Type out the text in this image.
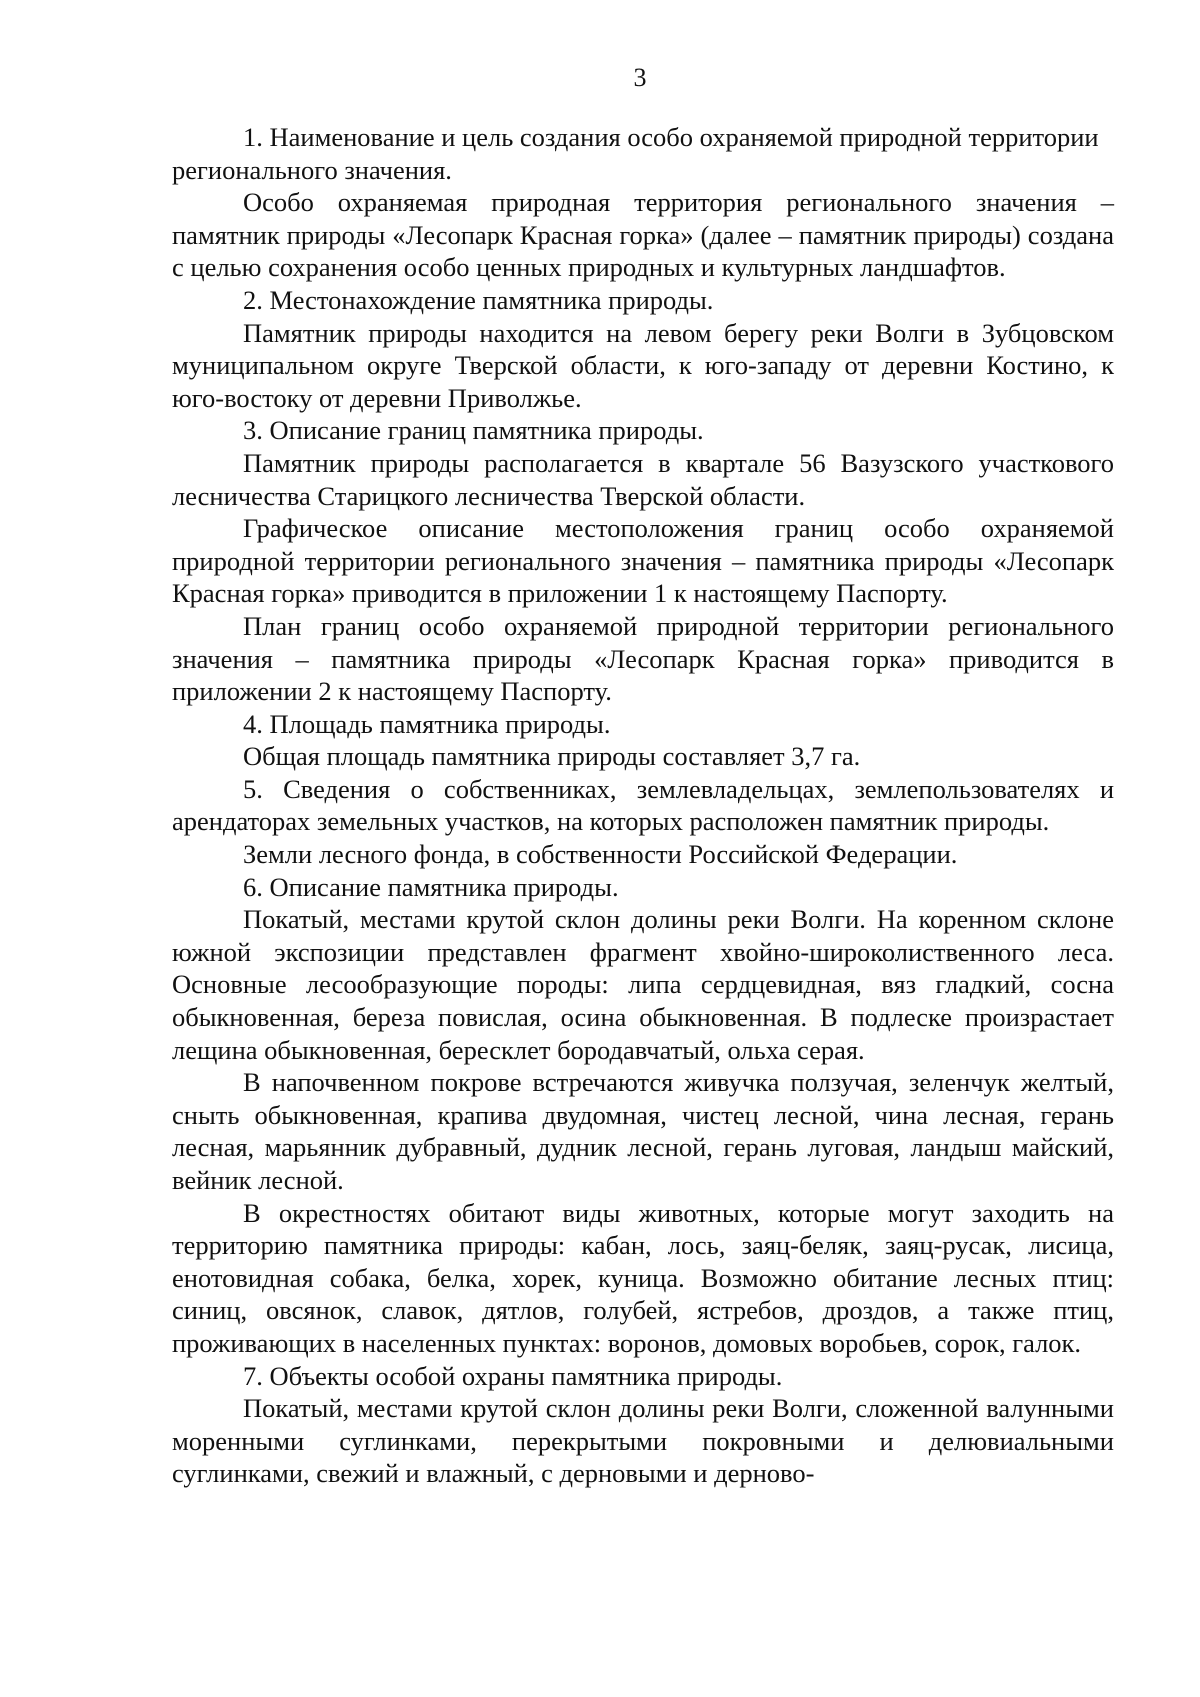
3

1. Наименование и цель создания особо охраняемой природной территории регионального значения.

Особо охраняемая природная территория регионального значения – памятник природы «Лесопарк Красная горка» (далее – памятник природы) создана с целью сохранения особо ценных природных и культурных ландшафтов.

2. Местонахождение памятника природы.

Памятник природы находится на левом берегу реки Волги в Зубцовском муниципальном округе Тверской области, к юго-западу от деревни Костино, к юго-востоку от деревни Приволжье.

3. Описание границ памятника природы.

Памятник природы располагается в квартале 56 Вазузского участкового лесничества Старицкого лесничества Тверской области.

Графическое описание местоположения границ особо охраняемой природной территории регионального значения – памятника природы «Лесопарк Красная горка» приводится в приложении 1 к настоящему Паспорту.

План границ особо охраняемой природной территории регионального значения – памятника природы «Лесопарк Красная горка» приводится в приложении 2 к настоящему Паспорту.

4. Площадь памятника природы.

Общая площадь памятника природы составляет 3,7 га.

5. Сведения о собственниках, землевладельцах, землепользователях и арендаторах земельных участков, на которых расположен памятник природы.

Земли лесного фонда, в собственности Российской Федерации.

6. Описание памятника природы.

Покатый, местами крутой склон долины реки Волги. На коренном склоне южной экспозиции представлен фрагмент хвойно-широколиственного леса. Основные лесообразующие породы: липа сердцевидная, вяз гладкий, сосна обыкновенная, береза повислая, осина обыкновенная. В подлеске произрастает лещина обыкновенная, бересклет бородавчатый, ольха серая.

В напочвенном покрове встречаются живучка ползучая, зеленчук желтый, сныть обыкновенная, крапива двудомная, чистец лесной, чина лесная, герань лесная, марьянник дубравный, дудник лесной, герань луговая, ландыш майский, вейник лесной.

В окрестностях обитают виды животных, которые могут заходить на территорию памятника природы: кабан, лось, заяц-беляк, заяц-русак, лисица, енотовидная собака, белка, хорек, куница. Возможно обитание лесных птиц: синиц, овсянок, славок, дятлов, голубей, ястребов, дроздов, а также птиц, проживающих в населенных пунктах: воронов, домовых воробьев, сорок, галок.

7. Объекты особой охраны памятника природы.

Покатый, местами крутой склон долины реки Волги, сложенной валунными моренными суглинками, перекрытыми покровными и делювиальными суглинками, свежий и влажный, с дерновыми и дерново-
